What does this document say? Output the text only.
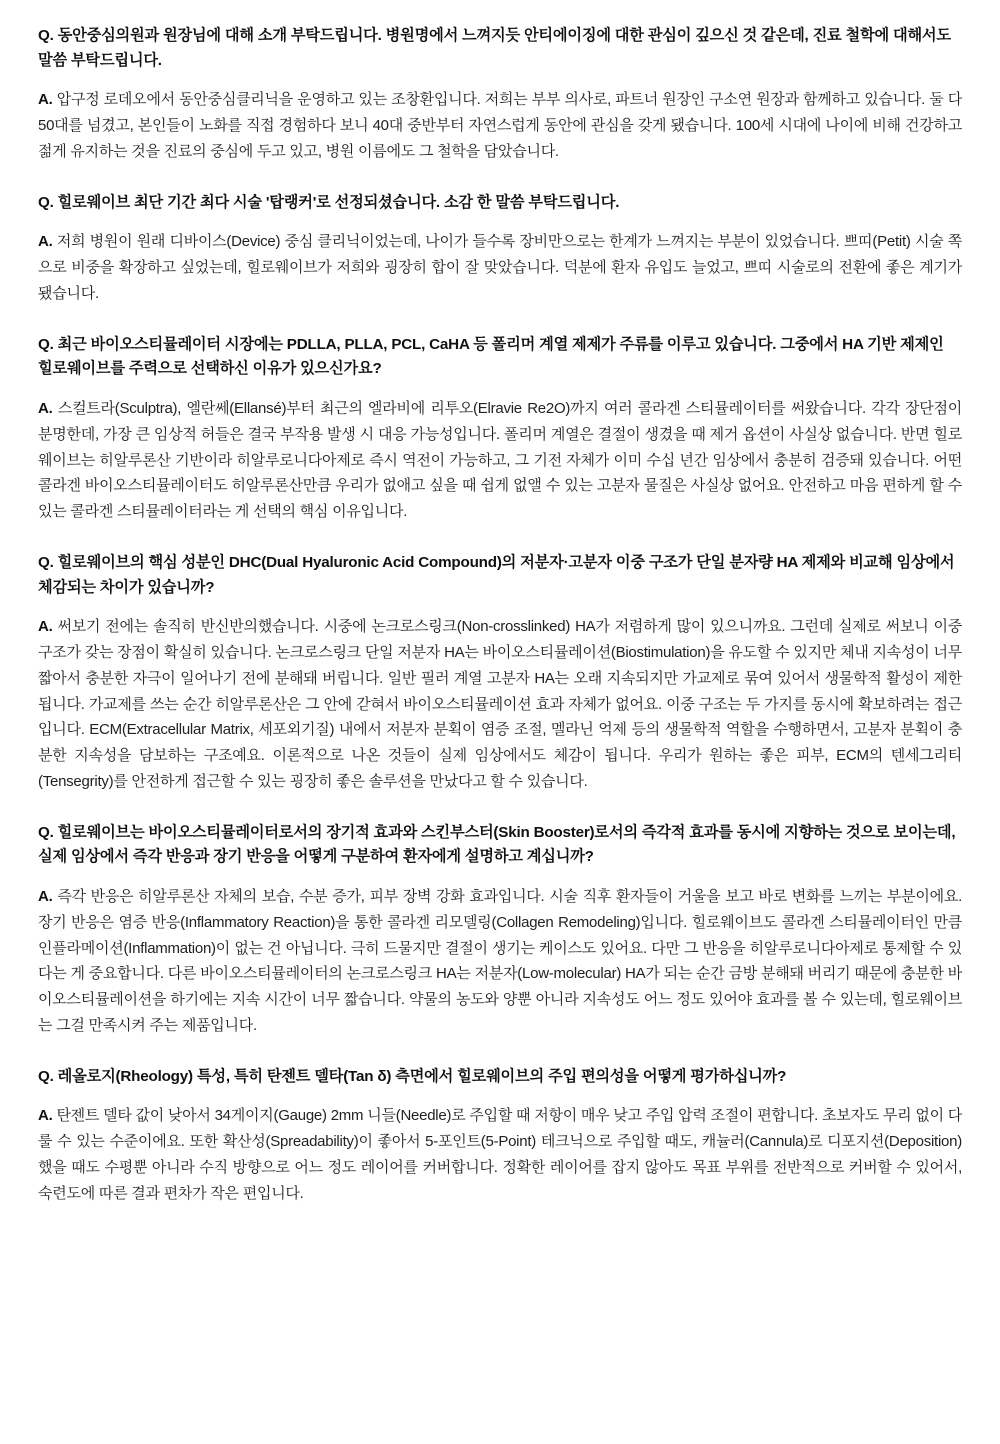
Q. 동안중심의원과 원장님에 대해 소개 부탁드립니다. 병원명에서 느껴지듯 안티에이징에 대한 관심이 깊으신 것 같은데, 진료 철학에 대해서도 말씀 부탁드립니다.

A. 압구정 로데오에서 동안중심클리닉을 운영하고 있는 조창환입니다. 저희는 부부 의사로, 파트너 원장인 구소연 원장과 함께하고 있습니다. 둘 다 50대를 넘겼고, 본인들이 노화를 직접 경험하다 보니 40대 중반부터 자연스럽게 동안에 관심을 갖게 됐습니다. 100세 시대에 나이에 비해 건강하고 젊게 유지하는 것을 진료의 중심에 두고 있고, 병원 이름에도 그 철학을 담았습니다.

Q. 힐로웨이브 최단 기간 최다 시술 '탑랭커'로 선정되셨습니다. 소감 한 말씀 부탁드립니다.

A. 저희 병원이 원래 디바이스(Device) 중심 클리닉이었는데, 나이가 들수록 장비만으로는 한계가 느껴지는 부분이 있었습니다. 쁘띠(Petit) 시술 쪽으로 비중을 확장하고 싶었는데, 힐로웨이브가 저희와 굉장히 합이 잘 맞았습니다. 덕분에 환자 유입도 늘었고, 쁘띠 시술로의 전환에 좋은 계기가 됐습니다.

Q. 최근 바이오스티뮬레이터 시장에는 PDLLA, PLLA, PCL, CaHA 등 폴리머 계열 제제가 주류를 이루고 있습니다. 그중에서 HA 기반 제제인 힐로웨이브를 주력으로 선택하신 이유가 있으신가요?

A. 스컬트라(Sculptra), 엘란쎄(Ellansé)부터 최근의 엘라비에 리투오(Elravie Re2O)까지 여러 콜라겐 스티뮬레이터를 써왔습니다. 각각 장단점이 분명한데, 가장 큰 임상적 허들은 결국 부작용 발생 시 대응 가능성입니다. 폴리머 계열은 결절이 생겼을 때 제거 옵션이 사실상 없습니다. 반면 힐로웨이브는 히알루론산 기반이라 히알루로니다아제로 즉시 역전이 가능하고, 그 기전 자체가 이미 수십 년간 임상에서 충분히 검증돼 있습니다. 어떤 콜라겐 바이오스티뮬레이터도 히알루론산만큼 우리가 없애고 싶을 때 쉽게 없앨 수 있는 고분자 물질은 사실상 없어요. 안전하고 마음 편하게 할 수 있는 콜라겐 스티뮬레이터라는 게 선택의 핵심 이유입니다.

Q. 힐로웨이브의 핵심 성분인 DHC(Dual Hyaluronic Acid Compound)의 저분자·고분자 이중 구조가 단일 분자량 HA 제제와 비교해 임상에서 체감되는 차이가 있습니까?

A. 써보기 전에는 솔직히 반신반의했습니다. 시중에 논크로스링크(Non-crosslinked) HA가 저렴하게 많이 있으니까요. 그런데 실제로 써보니 이중 구조가 갖는 장점이 확실히 있습니다. 논크로스링크 단일 저분자 HA는 바이오스티뮬레이션(Biostimulation)을 유도할 수 있지만 체내 지속성이 너무 짧아서 충분한 자극이 일어나기 전에 분해돼 버립니다. 일반 필러 계열 고분자 HA는 오래 지속되지만 가교제로 묶여 있어서 생물학적 활성이 제한됩니다. 가교제를 쓰는 순간 히알루론산은 그 안에 갇혀서 바이오스티뮬레이션 효과 자체가 없어요. 이중 구조는 두 가지를 동시에 확보하려는 접근입니다. ECM(Extracellular Matrix, 세포외기질) 내에서 저분자 분획이 염증 조절, 멜라닌 억제 등의 생물학적 역할을 수행하면서, 고분자 분획이 충분한 지속성을 담보하는 구조예요. 이론적으로 나온 것들이 실제 임상에서도 체감이 됩니다. 우리가 원하는 좋은 피부, ECM의 텐세그리티(Tensegrity)를 안전하게 접근할 수 있는 굉장히 좋은 솔루션을 만났다고 할 수 있습니다.

Q. 힐로웨이브는 바이오스티뮬레이터로서의 장기적 효과와 스킨부스터(Skin Booster)로서의 즉각적 효과를 동시에 지향하는 것으로 보이는데, 실제 임상에서 즉각 반응과 장기 반응을 어떻게 구분하여 환자에게 설명하고 계십니까?

A. 즉각 반응은 히알루론산 자체의 보습, 수분 증가, 피부 장벽 강화 효과입니다. 시술 직후 환자들이 거울을 보고 바로 변화를 느끼는 부분이에요. 장기 반응은 염증 반응(Inflammatory Reaction)을 통한 콜라겐 리모델링(Collagen Remodeling)입니다. 힐로웨이브도 콜라겐 스티뮬레이터인 만큼 인플라메이션(Inflammation)이 없는 건 아닙니다. 극히 드물지만 결절이 생기는 케이스도 있어요. 다만 그 반응을 히알루로니다아제로 통제할 수 있다는 게 중요합니다. 다른 바이오스티뮬레이터의 논크로스링크 HA는 저분자(Low-molecular) HA가 되는 순간 금방 분해돼 버리기 때문에 충분한 바이오스티뮬레이션을 하기에는 지속 시간이 너무 짧습니다. 약물의 농도와 양뿐 아니라 지속성도 어느 정도 있어야 효과를 볼 수 있는데, 힐로웨이브는 그걸 만족시켜 주는 제품입니다.

Q. 레올로지(Rheology) 특성, 특히 탄젠트 델타(Tan δ) 측면에서 힐로웨이브의 주입 편의성을 어떻게 평가하십니까?

A. 탄젠트 델타 값이 낮아서 34게이지(Gauge) 2mm 니들(Needle)로 주입할 때 저항이 매우 낮고 주입 압력 조절이 편합니다. 초보자도 무리 없이 다룰 수 있는 수준이에요. 또한 확산성(Spreadability)이 좋아서 5-포인트(5-Point) 테크닉으로 주입할 때도, 캐뉼러(Cannula)로 디포지션(Deposition) 했을 때도 수평뿐 아니라 수직 방향으로 어느 정도 레이어를 커버합니다. 정확한 레이어를 잡지 않아도 목표 부위를 전반적으로 커버할 수 있어서, 숙련도에 따른 결과 편차가 작은 편입니다.
